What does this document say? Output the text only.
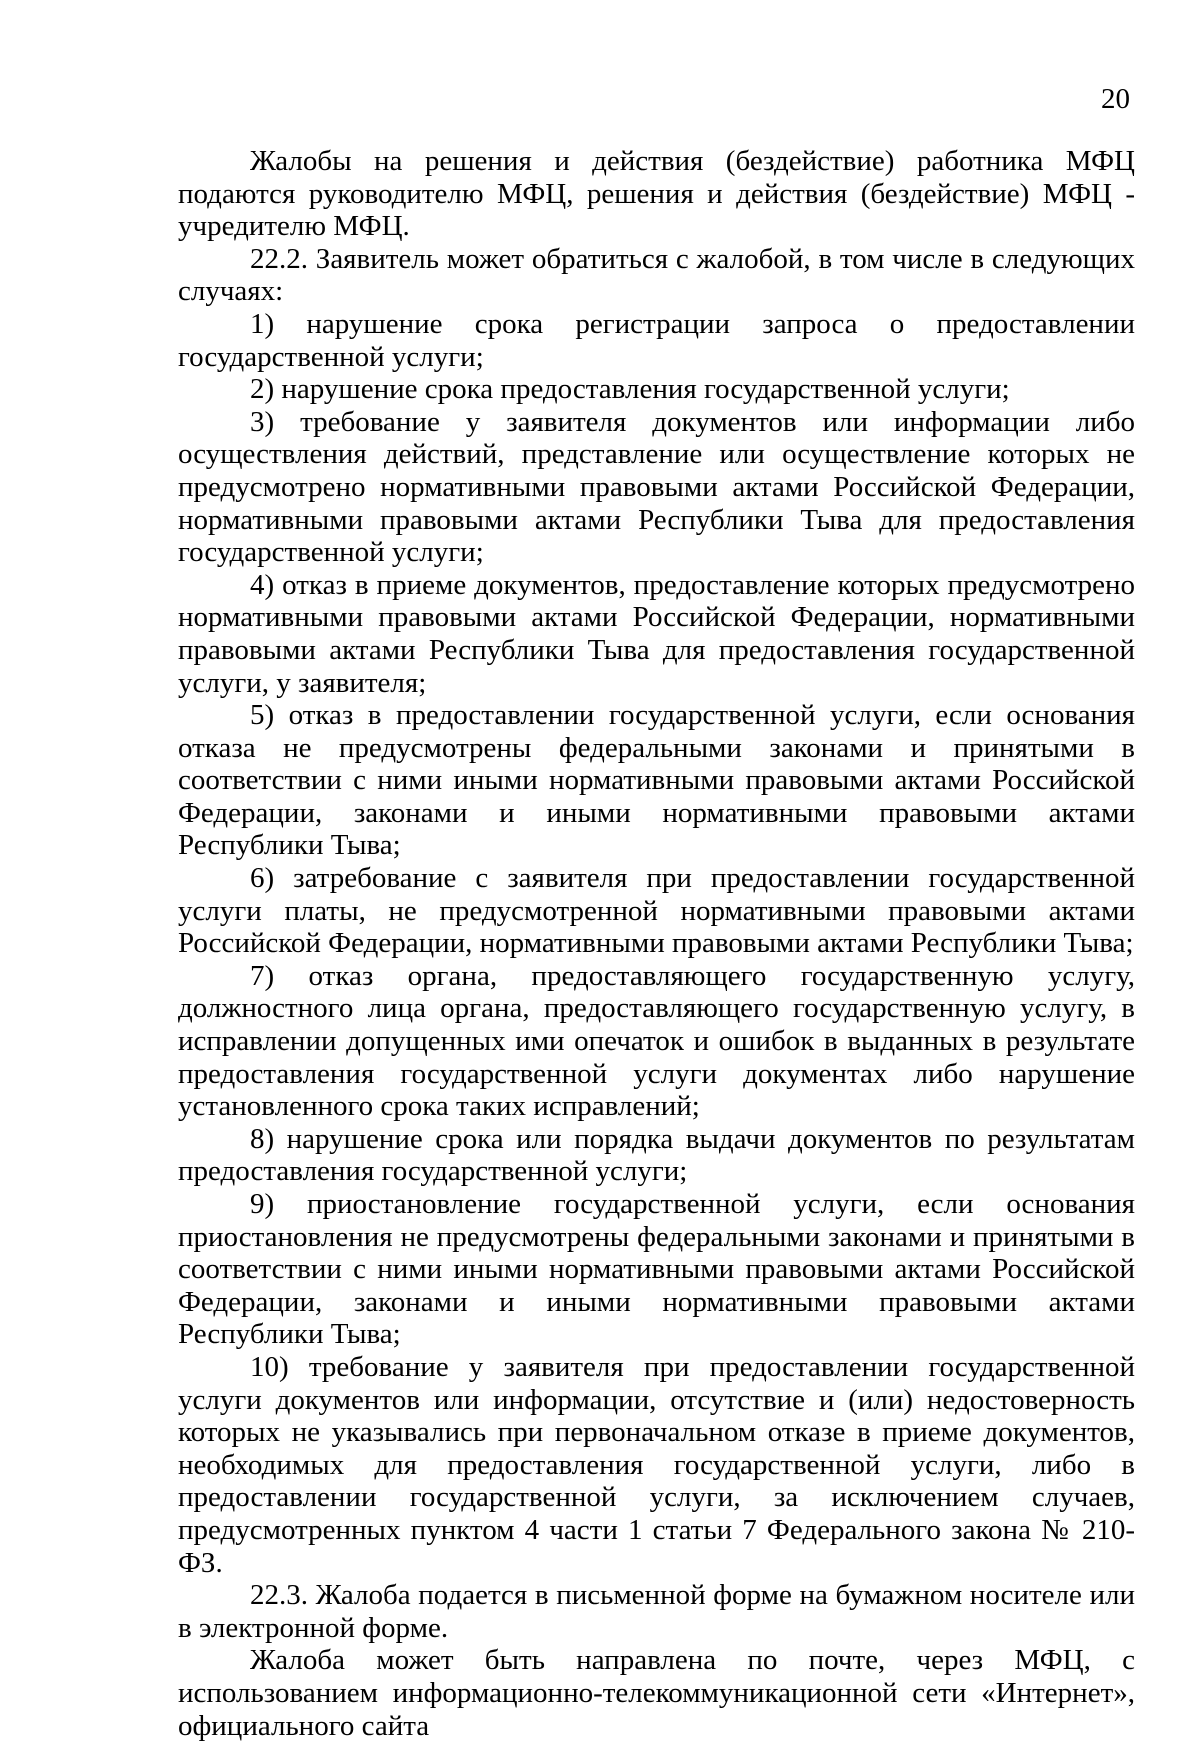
20

Жалобы на решения и действия (бездействие) работника МФЦ подаются руководителю МФЦ, решения и действия (бездействие) МФЦ - учредителю МФЦ.

22.2. Заявитель может обратиться с жалобой, в том числе в следующих случаях:

1) нарушение срока регистрации запроса о предоставлении государственной услуги;

2) нарушение срока предоставления государственной услуги;

3) требование у заявителя документов или информации либо осуществления действий, представление или осуществление которых не предусмотрено нормативными правовыми актами Российской Федерации, нормативными правовыми актами Республики Тыва для предоставления государственной услуги;

4) отказ в приеме документов, предоставление которых предусмотрено нормативными правовыми актами Российской Федерации, нормативными правовыми актами Республики Тыва для предоставления государственной услуги, у заявителя;

5) отказ в предоставлении государственной услуги, если основания отказа не предусмотрены федеральными законами и принятыми в соответствии с ними иными нормативными правовыми актами Российской Федерации, законами и иными нормативными правовыми актами Республики Тыва;

6) затребование с заявителя при предоставлении государственной услуги платы, не предусмотренной нормативными правовыми актами Российской Федерации, нормативными правовыми актами Республики Тыва;

7) отказ органа, предоставляющего государственную услугу, должностного лица органа, предоставляющего государственную услугу, в исправлении допущенных ими опечаток и ошибок в выданных в результате предоставления государственной услуги документах либо нарушение установленного срока таких исправлений;

8) нарушение срока или порядка выдачи документов по результатам предоставления государственной услуги;

9) приостановление государственной услуги, если основания приостановления не предусмотрены федеральными законами и принятыми в соответствии с ними иными нормативными правовыми актами Российской Федерации, законами и иными нормативными правовыми актами Республики Тыва;

10) требование у заявителя при предоставлении государственной услуги документов или информации, отсутствие и (или) недостоверность которых не указывались при первоначальном отказе в приеме документов, необходимых для предоставления государственной услуги, либо в предоставлении государственной услуги, за исключением случаев, предусмотренных пунктом 4 части 1 статьи 7 Федерального закона № 210-ФЗ.

22.3. Жалоба подается в письменной форме на бумажном носителе или в электронной форме.

Жалоба может быть направлена по почте, через МФЦ, с использованием информационно-телекоммуникационной сети «Интернет», официального сайта
